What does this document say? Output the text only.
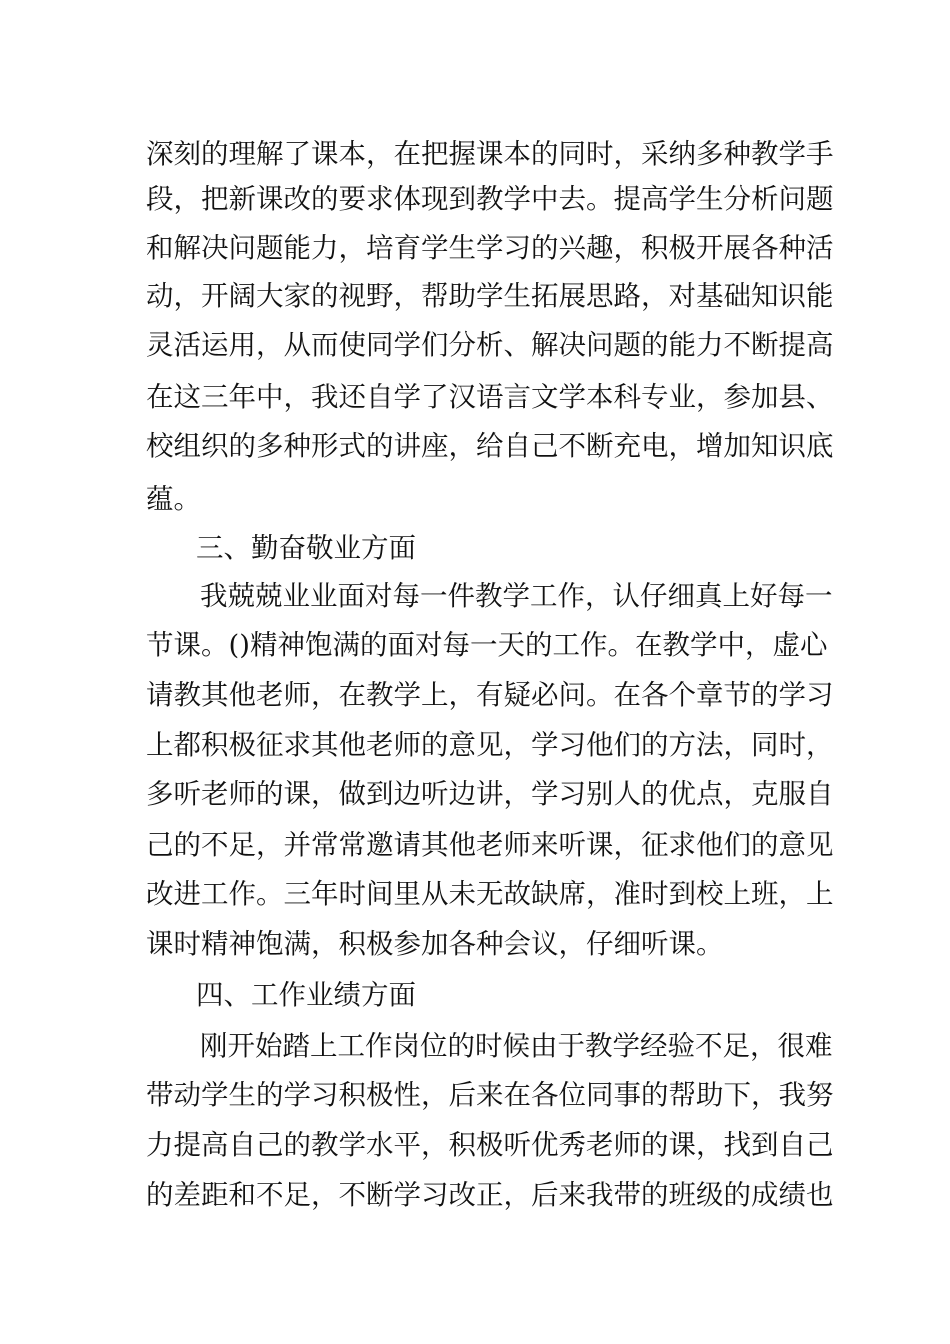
深刻的理解了课本，在把握课本的同时，采纳多种教学手
段，把新课改的要求体现到教学中去。提高学生分析问题
和解决问题能力，培育学生学习的兴趣，积极开展各种活
动，开阔大家的视野，帮助学生拓展思路，对基础知识能
灵活运用，从而使同学们分析、解决问题的能力不断提高
在这三年中，我还自学了汉语言文学本科专业，参加县、
校组织的多种形式的讲座，给自己不断充电，增加知识底
蕴。
三、勤奋敬业方面
我兢兢业业面对每一件教学工作，认仔细真上好每一
节课。()精神饱满的面对每一天的工作。在教学中，虚心
请教其他老师，在教学上，有疑必问。在各个章节的学习
上都积极征求其他老师的意见，学习他们的方法，同时，
多听老师的课，做到边听边讲，学习别人的优点，克服自
己的不足，并常常邀请其他老师来听课，征求他们的意见
改进工作。三年时间里从未无故缺席，准时到校上班，上
课时精神饱满，积极参加各种会议，仔细听课。
四、工作业绩方面
刚开始踏上工作岗位的时候由于教学经验不足，很难
带动学生的学习积极性，后来在各位同事的帮助下，我努
力提高自己的教学水平，积极听优秀老师的课，找到自己
的差距和不足，不断学习改正，后来我带的班级的成绩也
